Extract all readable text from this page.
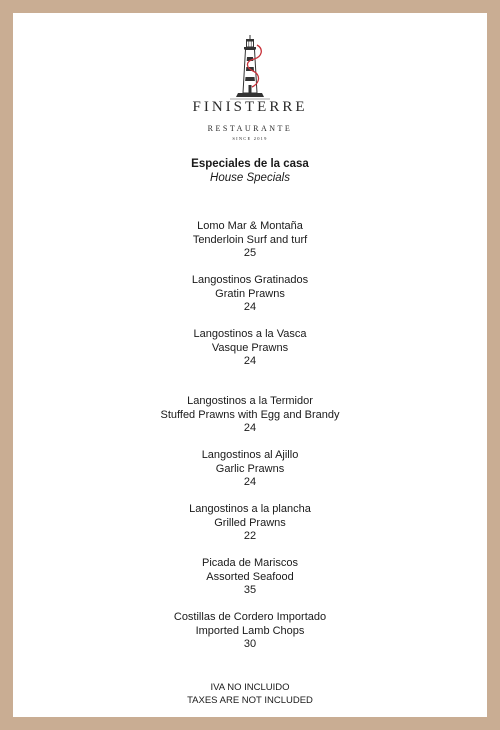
FINISTERRE
RESTAURANTE
SINCE 2019
Especiales de la casa
House Specials
Lomo Mar & Montaña
Tenderloin Surf and turf
25
Langostinos Gratinados
Gratin Prawns
24
Langostinos a la Vasca
Vasque Prawns
24
Langostinos a la Termidor
Stuffed Prawns with Egg and Brandy
24
Langostinos al Ajillo
Garlic Prawns
24
Langostinos a la plancha
Grilled Prawns
22
Picada de Mariscos
Assorted Seafood
35
Costillas de Cordero Importado
Imported Lamb Chops
30
IVA NO INCLUIDO
TAXES ARE NOT INCLUDED
